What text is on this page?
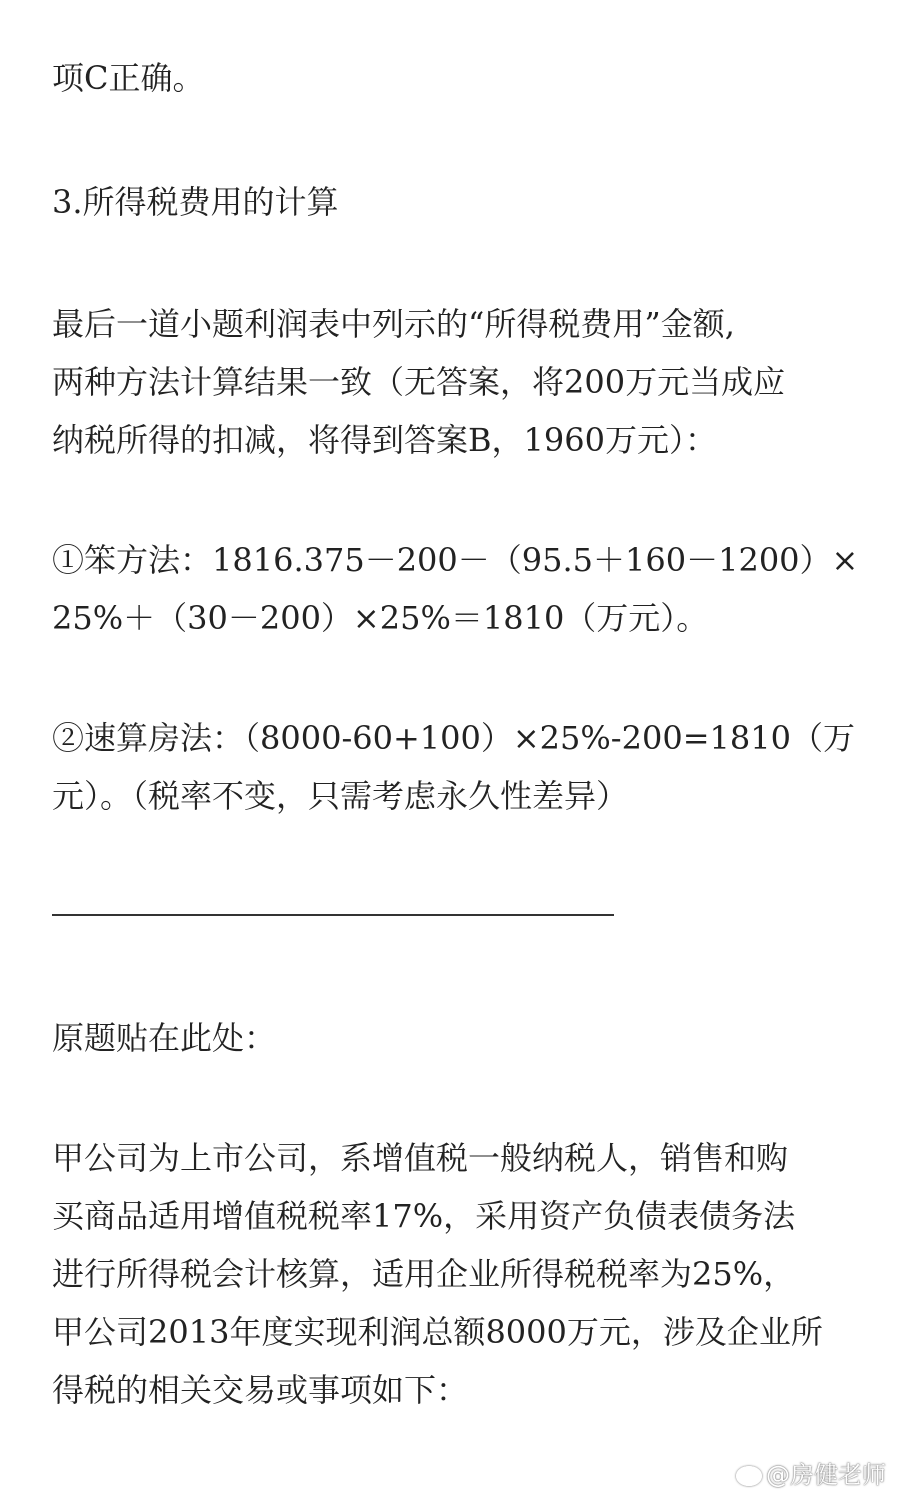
项C正确。
3.所得税费用的计算
最后一道小题利润表中列示的“所得税费用”金额,
两种方法计算结果一致（无答案，将200万元当成应
纳税所得的扣减，将得到答案B，1960万元）：
①笨方法：1816.375－200－（95.5＋160－1200）×
25%＋（30－200）×25%＝1810（万元）。
②速算房法：（8000-60+100）×25%-200=1810（万
元）。（税率不变，只需考虑永久性差异）
原题贴在此处：
甲公司为上市公司，系增值税一般纳税人，销售和购
买商品适用增值税税率17%，采用资产负债表债务法
进行所得税会计核算，适用企业所得税税率为25%，
甲公司2013年度实现利润总额8000万元，涉及企业所
得税的相关交易或事项如下：
@房健老师
